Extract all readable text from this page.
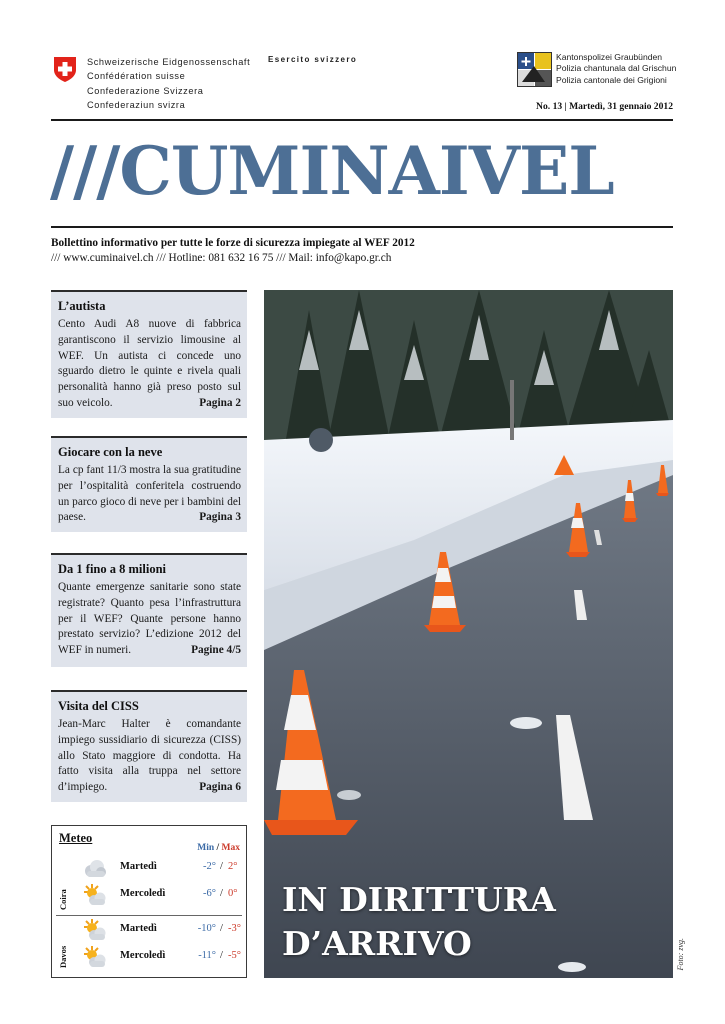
Schweizerische Eidgenossenschaft
Confédération suisse
Confederazione Svizzera
Confederaziun svizra
Esercito svizzero	Kantonspolizei Graubünden
Polizia chantunala dal Grischun
Polizia cantonale dei Grigioni
No. 13 | Martedì, 31 gennaio 2012
///CUMINAIVEL
Bollettino informativo per tutte le forze di sicurezza impiegate al WEF 2012
/// www.cuminaivel.ch /// Hotline: 081 632 16 75 /// Mail: info@kapo.gr.ch
L’autista
Cento Audi A8 nuove di fabbrica garantiscono il servizio limousine al WEF. Un autista ci concede uno sguardo dietro le quinte e rivela quali personalità hanno già preso posto sul suo veicolo.	Pagina 2
Giocare con la neve
La cp fant 11/3 mostra la sua gratitudine per l’ospitalità conferitela costruendo un parco gioco di neve per i bambini del paese.	Pagina 3
Da 1 fino a 8 milioni
Quante emergenze sanitarie sono state registrate? Quanto pesa l’infrastruttura per il WEF? Quante persone hanno prestato servizio? L’edizione 2012 del WEF in numeri.	Pagine 4/5
Visita del CISS
Jean-Marc Halter è comandante impiego sussidiario di sicurezza (CISS) allo Stato maggiore di condotta. Ha fatto visita alla truppa nel settore d’impiego.	Pagina 6
Meteo
Min / Max
Coira
Martedì	-2° / 2°
Mercoledì	-6° / 0°
Davos
Martedì	-10° / -3°
Mercoledì	-11° / -5°	Foto: zvg.
IN DIRITTURA
D’ARRIVO
